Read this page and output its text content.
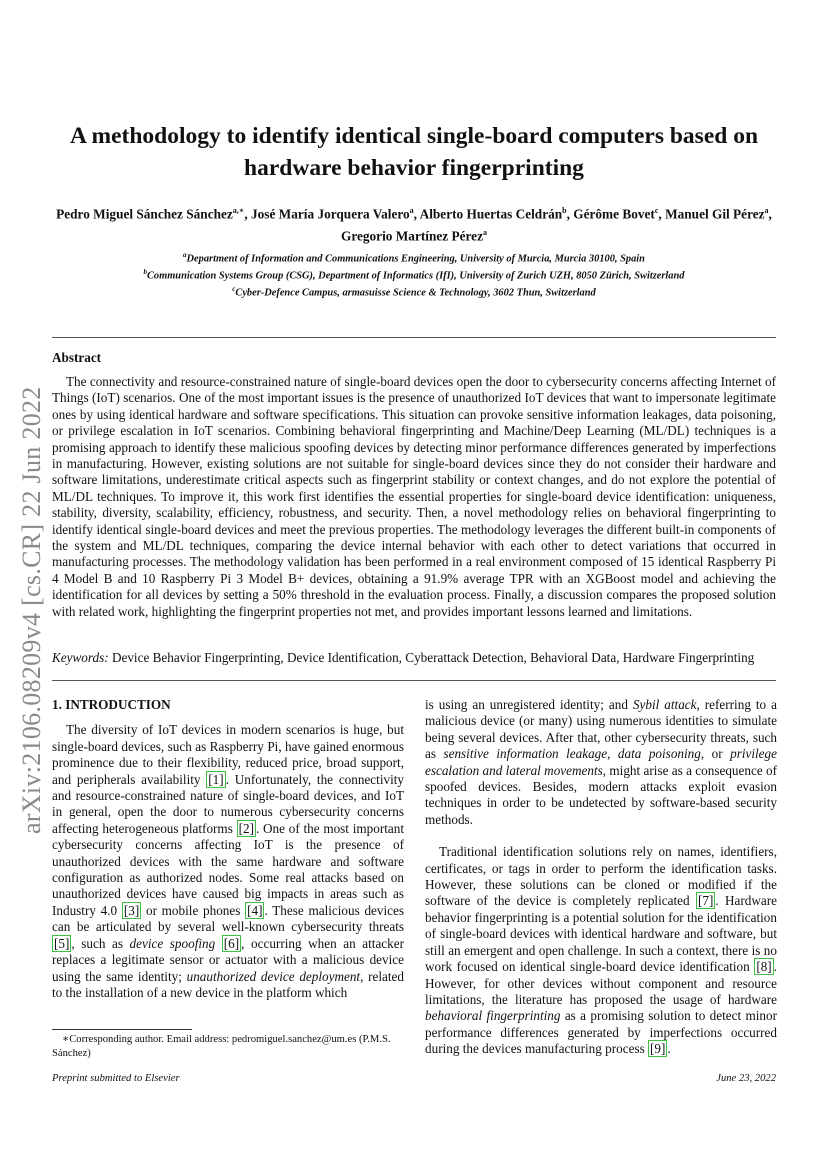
arXiv:2106.08209v4 [cs.CR] 22 Jun 2022
A methodology to identify identical single-board computers based on hardware behavior fingerprinting
Pedro Miguel Sánchez Sánchez$^{a,∗}$, José María Jorquera Valero$^a$, Alberto Huertas Celdrán$^b$, Gérôme Bovet$^c$, Manuel Gil Pérez$^a$, Gregorio Martínez Pérez$^a$
$^a$Department of Information and Communications Engineering, University of Murcia, Murcia 30100, Spain
$^b$Communication Systems Group (CSG), Department of Informatics (IfI), University of Zurich UZH, 8050 Zürich, Switzerland
$^c$Cyber-Defence Campus, armasuisse Science & Technology, 3602 Thun, Switzerland
Abstract

The connectivity and resource-constrained nature of single-board devices open the door to cybersecurity concerns affecting Internet of Things (IoT) scenarios. One of the most important issues is the presence of unauthorized IoT devices that want to impersonate legitimate ones by using identical hardware and software specifications. This situation can provoke sensitive information leakages, data poisoning, or privilege escalation in IoT scenarios. Combining behavioral fingerprinting and Machine/Deep Learning (ML/DL) techniques is a promising approach to identify these malicious spoofing devices by detecting minor performance differences generated by imperfections in manufacturing. However, existing solutions are not suitable for single-board devices since they do not consider their hardware and software limitations, underestimate critical aspects such as fingerprint stability or context changes, and do not explore the potential of ML/DL techniques. To improve it, this work first identifies the essential properties for single-board device identification: uniqueness, stability, diversity, scalability, efficiency, robustness, and security. Then, a novel methodology relies on behavioral fingerprinting to identify identical single-board devices and meet the previous properties. The methodology leverages the different built-in components of the system and ML/DL techniques, comparing the device internal behavior with each other to detect variations that occurred in manufacturing processes. The methodology validation has been performed in a real environment composed of 15 identical Raspberry Pi 4 Model B and 10 Raspberry Pi 3 Model B+ devices, obtaining a 91.9% average TPR with an XGBoost model and achieving the identification for all devices by setting a 50% threshold in the evaluation process. Finally, a discussion compares the proposed solution with related work, highlighting the fingerprint properties not met, and provides important lessons learned and limitations.

Keywords: Device Behavior Fingerprinting, Device Identification, Cyberattack Detection, Behavioral Data, Hardware Fingerprinting
1. INTRODUCTION

The diversity of IoT devices in modern scenarios is huge, but single-board devices, such as Raspberry Pi, have gained enormous prominence due to their flexibility, reduced price, broad support, and peripherals availability [1] . Unfortunately, the connectivity and resource-constrained nature of single-board devices, and IoT in general, open the door to numerous cybersecurity concerns affecting heterogeneous platforms [2] . One of the most important cybersecurity concerns affecting IoT is the presence of unauthorized devices with the same hardware and software configuration as authorized nodes. Some real attacks based on unauthorized devices have caused big impacts in areas such as Industry 4.0 [3] or mobile phones [4] . These malicious devices can be articulated by several well-known cybersecurity threats [5] , such as device spoofing [6] , occurring when an attacker replaces a legitimate sensor or actuator with a malicious device using the same identity; unauthorized device deployment, related to the installation of a new device in the platform which

is using an unregistered identity; and Sybil attack, referring to a malicious device (or many) using numerous identities to simulate being several devices. After that, other cybersecurity threats, such as sensitive information leakage, data poisoning, or privilege escalation and lateral movements, might arise as a consequence of spoofed devices. Besides, modern attacks exploit evasion techniques in order to be undetected by software-based security methods.

Traditional identification solutions rely on names, identifiers, certificates, or tags in order to perform the identification tasks. However, these solutions can be cloned or modified if the software of the device is completely replicated [7] . Hardware behavior fingerprinting is a potential solution for the identification of single-board devices with identical hardware and software, but still an emergent and open challenge. In such a context, there is no work focused on identical single-board device identification [8] . However, for other devices without component and resource limitations, the literature has proposed the usage of hardware behavioral fingerprinting as a promising solution to detect minor performance differences generated by imperfections occurred during the devices manufacturing process [9] .

∗Corresponding author. Email address: pedromiguel.sanchez@um.es (P.M.S. Sánchez)
Preprint submitted to Elsevier	June 23, 2022
